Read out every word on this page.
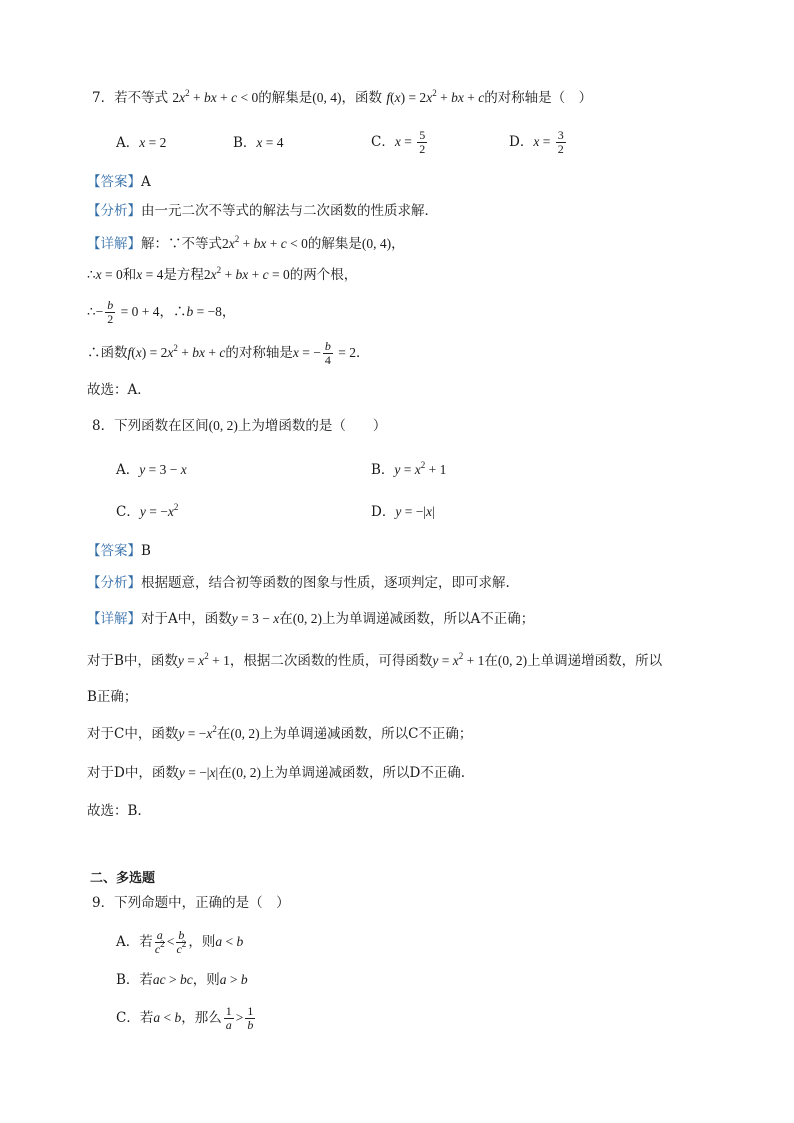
7．若不等式 $2x^2$ + bx + c < 0的解集是(0, 4)，函数 $f(x) = 2x^2$ + bx + c的对称轴是（　）
A．x = 2	B．x = 4	C．$x = \frac{5}{2}$	D．$x = \frac{3}{2}$
【答案】A
【分析】由一元二次不等式的解法与二次函数的性质求解．
【详解】解：∵不等式$2x^2$ + bx + c < 0的解集是(0, 4)，
∴x = 0和x = 4是方程$2x^2$ + bx + c = 0的两个根，
∴− $\frac{b}{2} = 0 + 4$，∴b = −8，
∴函数$f(x) = 2x^2$ + bx + c的对称轴是x = − $\frac{b}{4} = 2$．
故选：A．
8．下列函数在区间(0, 2)上为增函数的是（　　）
A．y = 3 − x	B．$y = x^2 + 1$
C．$y = -x^2$	D．y = −|x|
【答案】B
【分析】根据题意，结合初等函数的图象与性质，逐项判定，即可求解.
【详解】对于A中，函数y = 3 − x在(0, 2)上为单调递减函数，所以A不正确；
对于B中，函数$y = x^2 + 1$，根据二次函数的性质，可得函数$y = x^2 + 1$在(0, 2)上单调递增函数，所以
B正确；
对于C中，函数$y = -x^2$在(0, 2)上为单调递减函数，所以C不正确；
对于D中，函数y = −|x|在(0, 2)上为单调递减函数，所以D不正确.
故选：B.
二、多选题
9．下列命题中，正确的是（　）
A．若 $\frac{a}{c^2} < \frac{b}{c^2}$ ，则a < b
B．若ac > bc，则a > b
C．若a < b，那么 $\frac{1}{a} > \frac{1}{b}$
